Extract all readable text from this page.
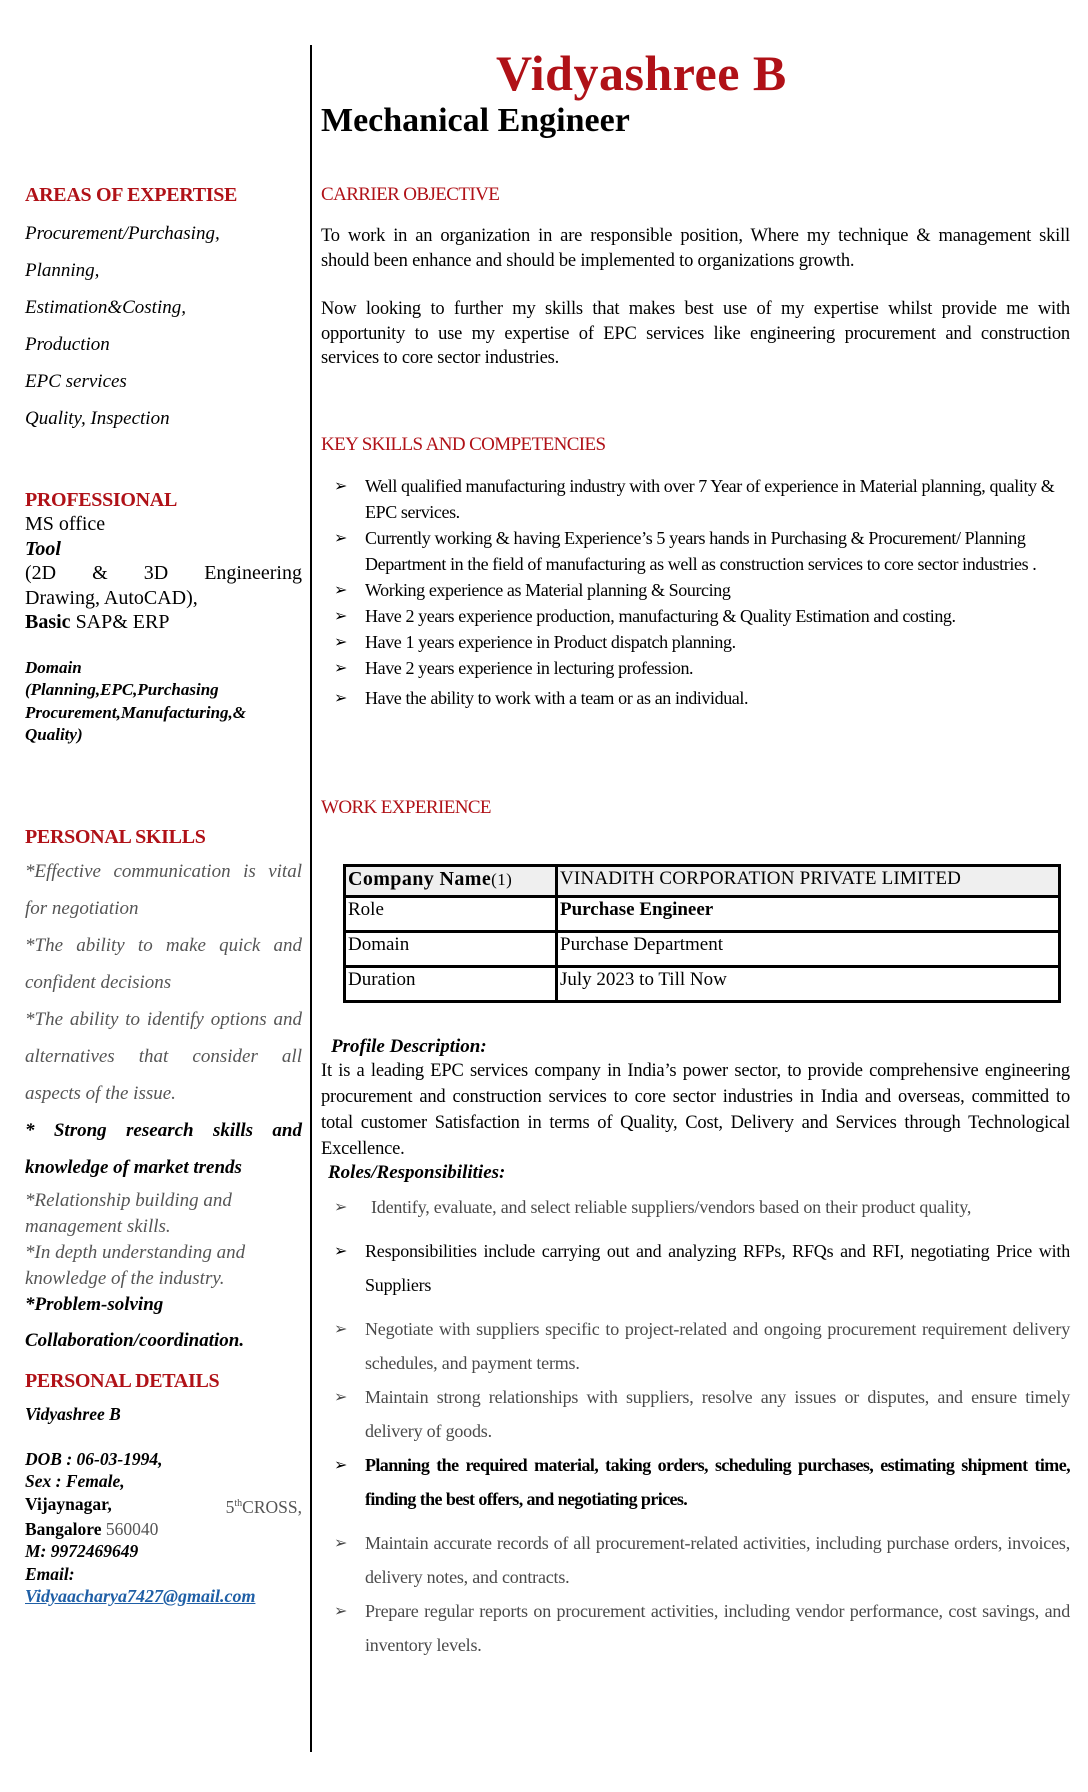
Vidyashree B
Mechanical Engineer
AREAS OF EXPERTISE
Procurement/Purchasing,
Planning,
Estimation&Costing,
Production
EPC services
Quality, Inspection
PROFESSIONAL
MS office
Tool
(2D & 3D Engineering
Drawing, AutoCAD),
Basic SAP& ERP
Domain
(Planning,EPC,Purchasing
Procurement,Manufacturing,&
Quality)
PERSONAL SKILLS
*Effective communication is vital for negotiation
*The ability to make quick and confident decisions
*The ability to identify options and alternatives that consider all aspects of the issue.
* Strong research skills and knowledge of market trends
*Relationship building and management skills.
*In depth understanding and knowledge of the industry.
*Problem-solving
Collaboration/coordination.
PERSONAL DETAILS
Vidyashree B
DOB : 06-03-1994,
Sex : Female,
Vijaynagar,	5thCROSS,
Bangalore 560040
M: 9972469649
Email:
Vidyaacharya7427@gmail.com
CARRIER OBJECTIVE
To work in an organization in are responsible position, Where my technique & management skill should been enhance and should be implemented to organizations growth.
Now looking to further my skills that makes best use of my expertise whilst provide me with opportunity to use my expertise of EPC services like engineering procurement and construction services to core sector industries.
KEY SKILLS AND COMPETENCIES
➢ Well qualified manufacturing industry with over 7 Year of experience in Material planning, quality & EPC services.
➢ Currently working & having Experience’s 5 years hands in Purchasing & Procurement/ Planning Department in the field of manufacturing as well as construction services to core sector industries .
➢ Working experience as Material planning & Sourcing
➢ Have 2 years experience production, manufacturing & Quality Estimation and costing.
➢ Have 1 years experience in Product dispatch planning.
➢ Have 2 years experience in lecturing profession.
➢ Have the ability to work with a team or as an individual.
WORK EXPERIENCE
Company Name(1)	VINADITH CORPORATION PRIVATE LIMITED
Role	Purchase Engineer
Domain	Purchase Department
Duration	July 2023 to Till Now
Profile Description:
It is a leading EPC services company in India’s power sector, to provide comprehensive engineering procurement and construction services to core sector industries in India and overseas, committed to total customer Satisfaction in terms of Quality, Cost, Delivery and Services through Technological Excellence.
Roles/Responsibilities:
➢ Identify, evaluate, and select reliable suppliers/vendors based on their product quality,
➢ Responsibilities include carrying out and analyzing RFPs, RFQs and RFI, negotiating Price with Suppliers
➢ Negotiate with suppliers specific to project-related and ongoing procurement requirement delivery schedules, and payment terms.
➢ Maintain strong relationships with suppliers, resolve any issues or disputes, and ensure timely delivery of goods.
➢ Planning the required material, taking orders, scheduling purchases, estimating shipment time, finding the best offers, and negotiating prices.
➢ Maintain accurate records of all procurement-related activities, including purchase orders, invoices, delivery notes, and contracts.
➢ Prepare regular reports on procurement activities, including vendor performance, cost savings, and inventory levels.
